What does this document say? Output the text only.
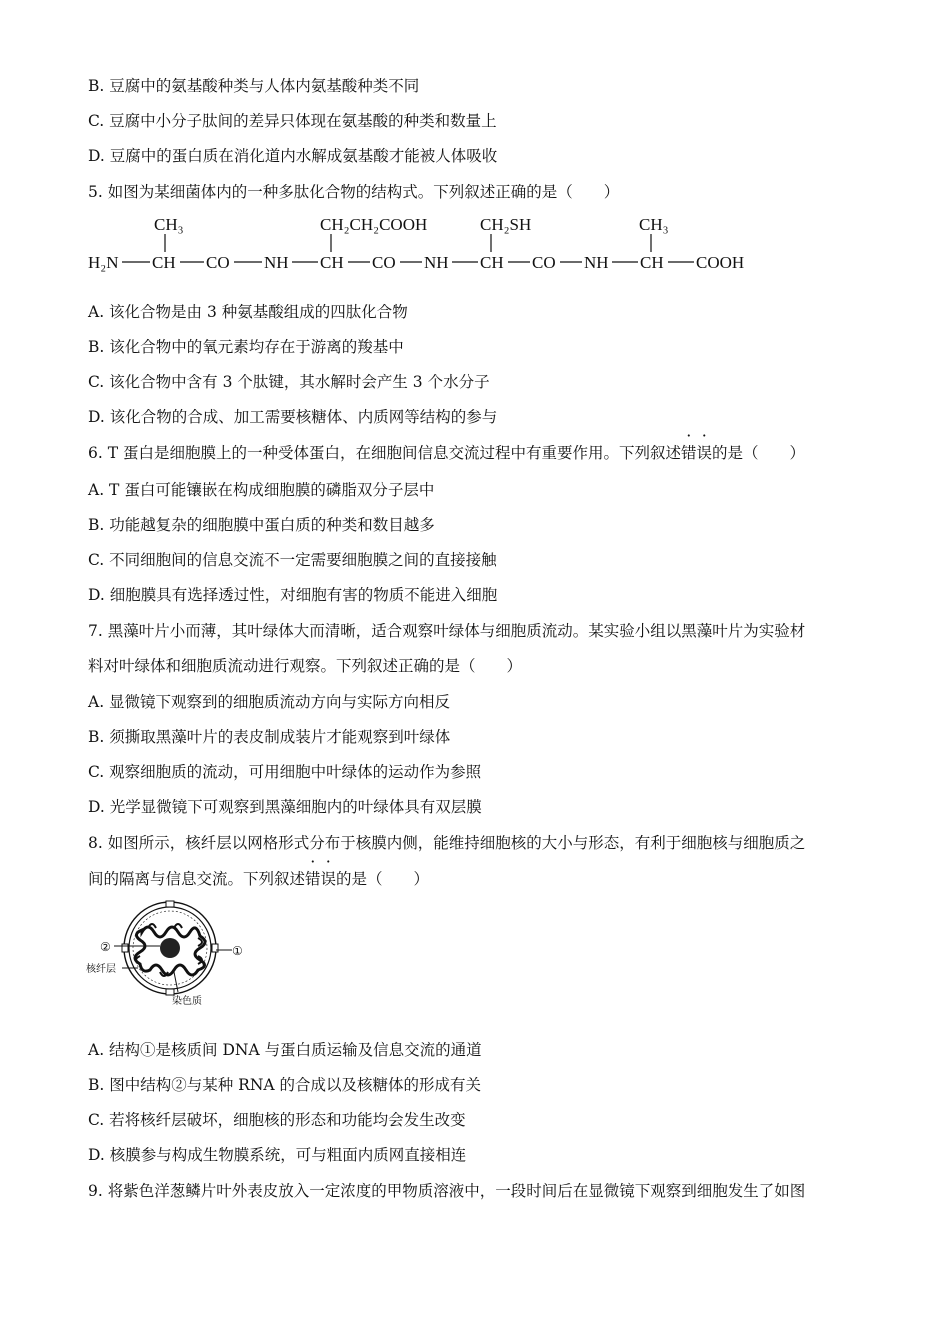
B. 豆腐中的氨基酸种类与人体内氨基酸种类不同
C. 豆腐中小分子肽间的差异只体现在氨基酸的种类和数量上
D. 豆腐中的蛋白质在消化道内水解成氨基酸才能被人体吸收
5. 如图为某细菌体内的一种多肽化合物的结构式。下列叙述正确的是（　　）
CH₃	CH₂CH₂COOH	CH₂SH	CH₃
H₂N CH CO NH CH CO NH CH CO NH CH COOH
A. 该化合物是由 3 种氨基酸组成的四肽化合物
B. 该化合物中的氧元素均存在于游离的羧基中
C. 该化合物中含有 3 个肽键，其水解时会产生 3 个水分子
D. 该化合物的合成、加工需要核糖体、内质网等结构的参与
6. T 蛋白是细胞膜上的一种受体蛋白，在细胞间信息交流过程中有重要作用。下列叙述错误的是（　　）
A. T 蛋白可能镶嵌在构成细胞膜的磷脂双分子层中
B. 功能越复杂的细胞膜中蛋白质的种类和数目越多
C. 不同细胞间的信息交流不一定需要细胞膜之间的直接接触
D. 细胞膜具有选择透过性，对细胞有害的物质不能进入细胞
7. 黑藻叶片小而薄，其叶绿体大而清晰，适合观察叶绿体与细胞质流动。某实验小组以黑藻叶片为实验材
料对叶绿体和细胞质流动进行观察。下列叙述正确的是（　　）
A. 显微镜下观察到的细胞质流动方向与实际方向相反
B. 须撕取黑藻叶片的表皮制成装片才能观察到叶绿体
C. 观察细胞质的流动，可用细胞中叶绿体的运动作为参照
D. 光学显微镜下可观察到黑藻细胞内的叶绿体具有双层膜
8. 如图所示，核纤层以网格形式分布于核膜内侧，能维持细胞核的大小与形态，有利于细胞核与细胞质之
间的隔离与信息交流。下列叙述错误的是（　　）
②	①
核纤层
染色质
A. 结构①是核质间 DNA 与蛋白质运输及信息交流的通道
B. 图中结构②与某种 RNA 的合成以及核糖体的形成有关
C. 若将核纤层破坏，细胞核的形态和功能均会发生改变
D. 核膜参与构成生物膜系统，可与粗面内质网直接相连
9. 将紫色洋葱鳞片叶外表皮放入一定浓度的甲物质溶液中，一段时间后在显微镜下观察到细胞发生了如图
